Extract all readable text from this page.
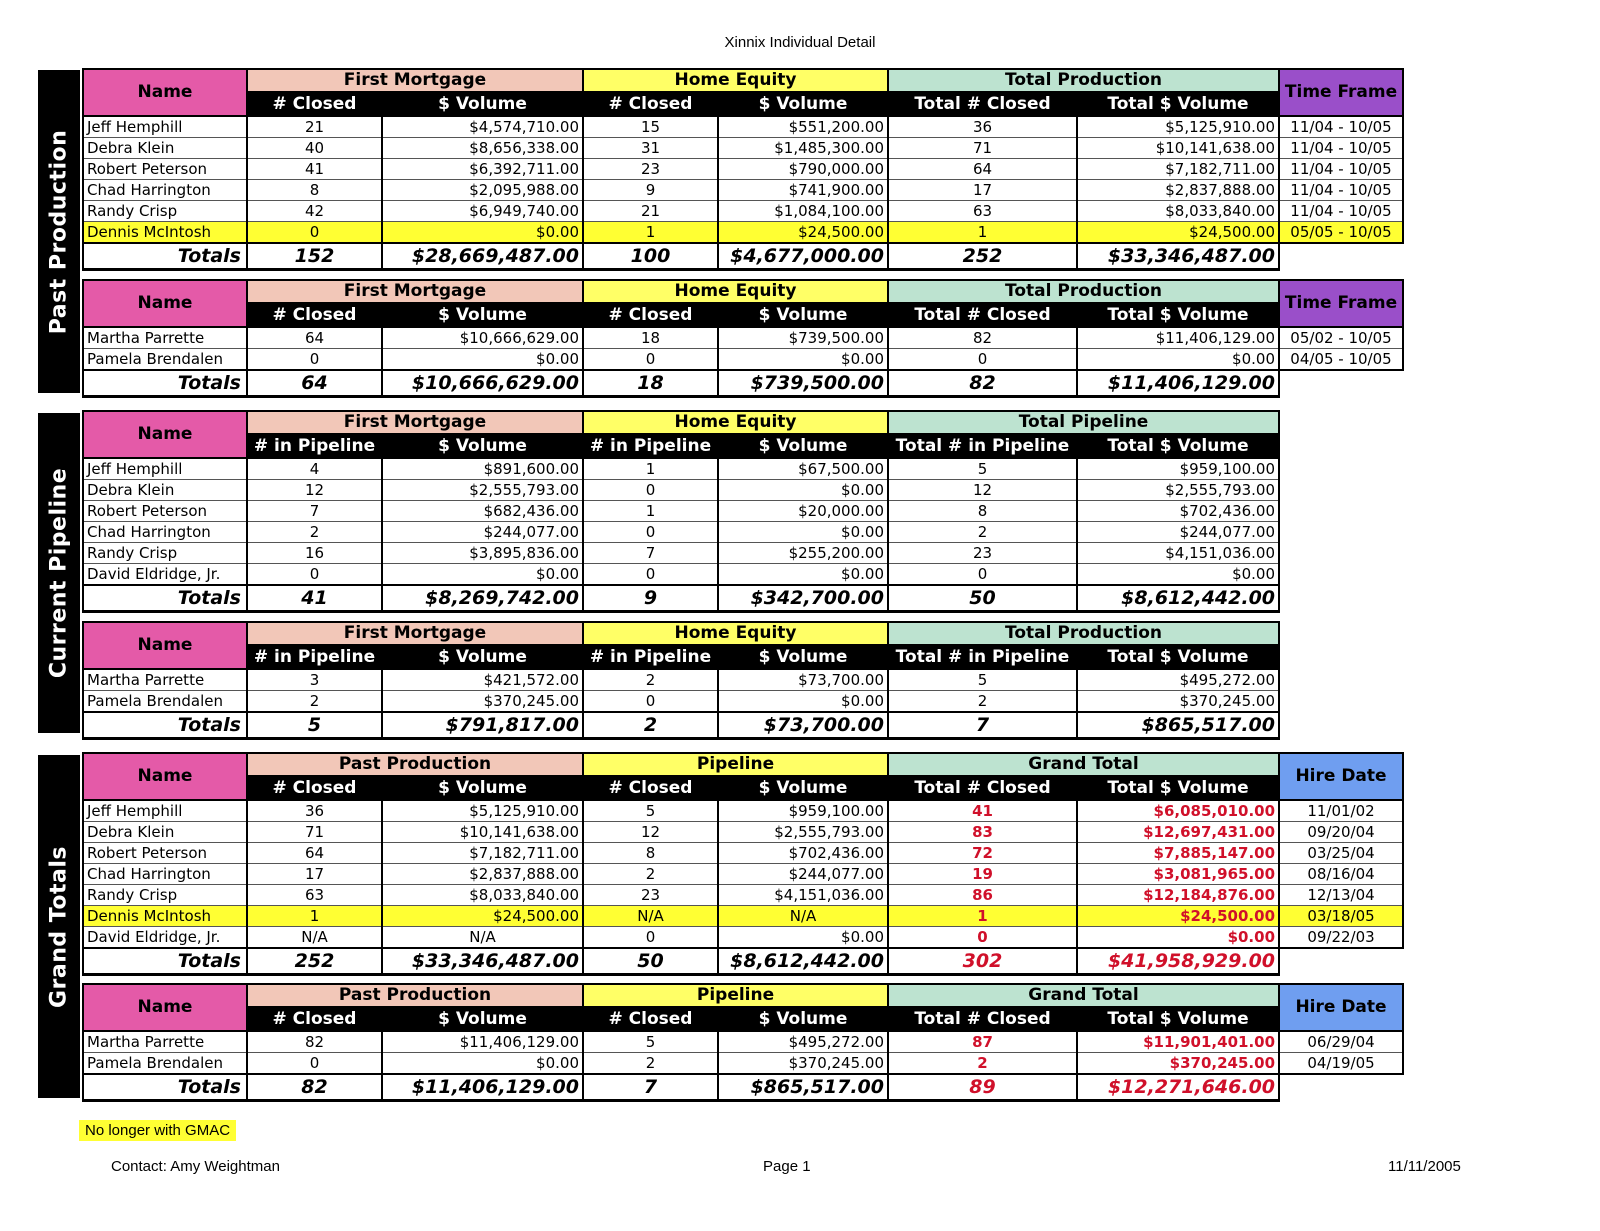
Xinnix Individual Detail
Past Production
Current Pipeline
Grand Totals
Name	First Mortgage		Home Equity		Total Production		Time Frame
	# Closed	$ Volume	# Closed	$ Volume	Total # Closed	Total $ Volume	
Jeff Hemphill	21	$4,574,710.00	15	$551,200.00	36	$5,125,910.00	11/04 - 10/05
Debra Klein	40	$8,656,338.00	31	$1,485,300.00	71	$10,141,638.00	11/04 - 10/05
Robert Peterson	41	$6,392,711.00	23	$790,000.00	64	$7,182,711.00	11/04 - 10/05
Chad Harrington	8	$2,095,988.00	9	$741,900.00	17	$2,837,888.00	11/04 - 10/05
Randy Crisp	42	$6,949,740.00	21	$1,084,100.00	63	$8,033,840.00	11/04 - 10/05
Dennis McIntosh	0	$0.00	1	$24,500.00	1	$24,500.00	05/05 - 10/05
Totals	152	$28,669,487.00	100	$4,677,000.00	252	$33,346,487.00	
Name	First Mortgage		Home Equity		Total Production		Time Frame
	# Closed	$ Volume	# Closed	$ Volume	Total # Closed	Total $ Volume	
Martha Parrette	64	$10,666,629.00	18	$739,500.00	82	$11,406,129.00	05/02 - 10/05
Pamela Brendalen	0	$0.00	0	$0.00	0	$0.00	04/05 - 10/05
Totals	64	$10,666,629.00	18	$739,500.00	82	$11,406,129.00	
Name	First Mortgage		Home Equity		Total Pipeline	
	# in Pipeline	$ Volume	# in Pipeline	$ Volume	Total # in Pipeline	Total $ Volume
Jeff Hemphill	4	$891,600.00	1	$67,500.00	5	$959,100.00
Debra Klein	12	$2,555,793.00	0	$0.00	12	$2,555,793.00
Robert Peterson	7	$682,436.00	1	$20,000.00	8	$702,436.00
Chad Harrington	2	$244,077.00	0	$0.00	2	$244,077.00
Randy Crisp	16	$3,895,836.00	7	$255,200.00	23	$4,151,036.00
David Eldridge, Jr.	0	$0.00	0	$0.00	0	$0.00
Totals	41	$8,269,742.00	9	$342,700.00	50	$8,612,442.00
Name	First Mortgage		Home Equity		Total Production	
	# in Pipeline	$ Volume	# in Pipeline	$ Volume	Total # in Pipeline	Total $ Volume
Martha Parrette	3	$421,572.00	2	$73,700.00	5	$495,272.00
Pamela Brendalen	2	$370,245.00	0	$0.00	2	$370,245.00
Totals	5	$791,817.00	2	$73,700.00	7	$865,517.00
Name	Past Production		Pipeline		Grand Total		Hire Date
	# Closed	$ Volume	# Closed	$ Volume	Total # Closed	Total $ Volume	
Jeff Hemphill	36	$5,125,910.00	5	$959,100.00	41	$6,085,010.00	11/01/02
Debra Klein	71	$10,141,638.00	12	$2,555,793.00	83	$12,697,431.00	09/20/04
Robert Peterson	64	$7,182,711.00	8	$702,436.00	72	$7,885,147.00	03/25/04
Chad Harrington	17	$2,837,888.00	2	$244,077.00	19	$3,081,965.00	08/16/04
Randy Crisp	63	$8,033,840.00	23	$4,151,036.00	86	$12,184,876.00	12/13/04
Dennis McIntosh	1	$24,500.00	N/A	N/A	1	$24,500.00	03/18/05
David Eldridge, Jr.	N/A	N/A	0	$0.00	0	$0.00	09/22/03
Totals	252	$33,346,487.00	50	$8,612,442.00	302	$41,958,929.00	
Name	Past Production		Pipeline		Grand Total		Hire Date
	# Closed	$ Volume	# Closed	$ Volume	Total # Closed	Total $ Volume	
Martha Parrette	82	$11,406,129.00	5	$495,272.00	87	$11,901,401.00	06/29/04
Pamela Brendalen	0	$0.00	2	$370,245.00	2	$370,245.00	04/19/05
Totals	82	$11,406,129.00	7	$865,517.00	89	$12,271,646.00	
No longer with GMAC
Contact: Amy Weightman	Page 1	11/11/2005
